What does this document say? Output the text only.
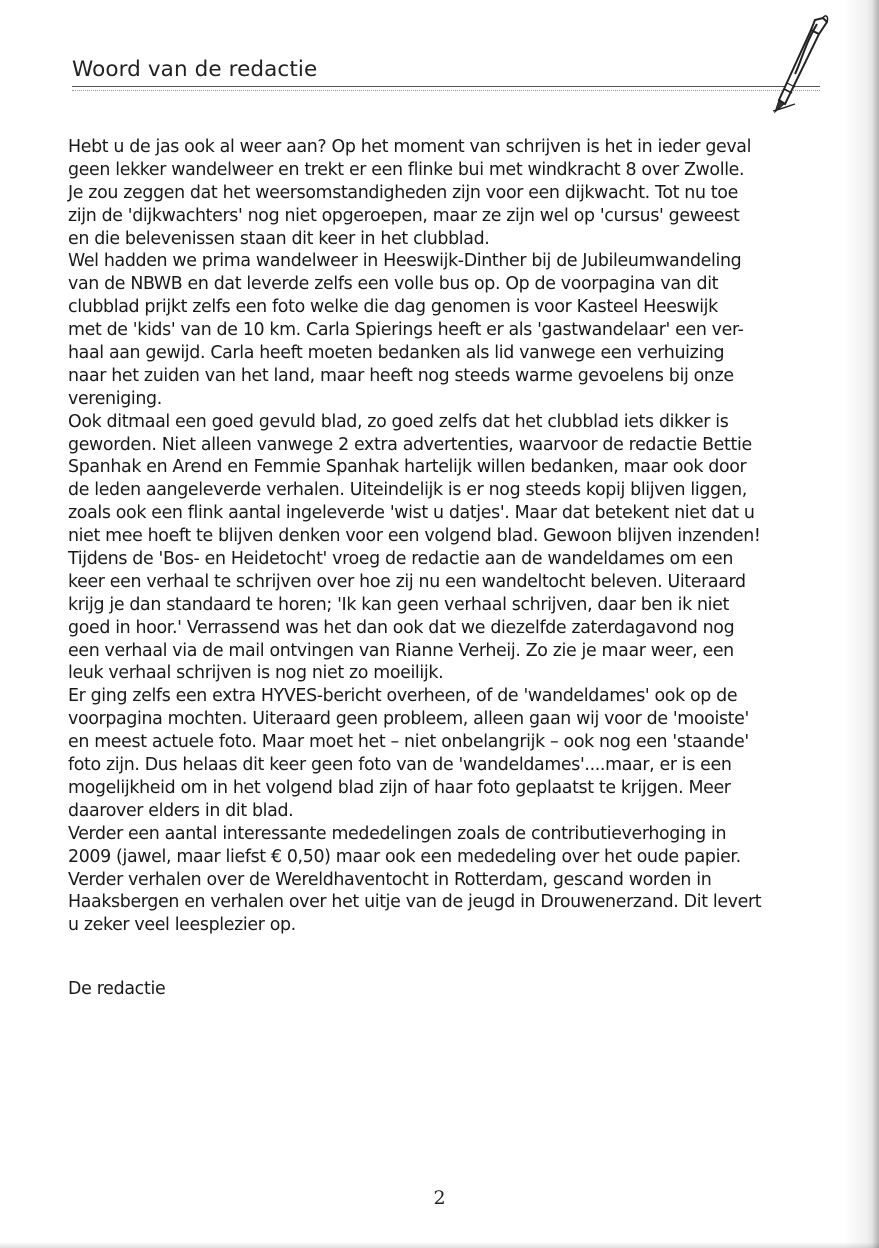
Woord van de redactie
Hebt u de jas ook al weer aan? Op het moment van schrijven is het in ieder geval
geen lekker wandelweer en trekt er een flinke bui met windkracht 8 over Zwolle.
Je zou zeggen dat het weersomstandigheden zijn voor een dijkwacht. Tot nu toe
zijn de 'dijkwachters' nog niet opgeroepen, maar ze zijn wel op 'cursus' geweest
en die belevenissen staan dit keer in het clubblad.
Wel hadden we prima wandelweer in Heeswijk-Dinther bij de Jubileumwandeling
van de NBWB en dat leverde zelfs een volle bus op. Op de voorpagina van dit
clubblad prijkt zelfs een foto welke die dag genomen is voor Kasteel Heeswijk
met de 'kids' van de 10 km. Carla Spierings heeft er als 'gastwandelaar' een ver-
haal aan gewijd. Carla heeft moeten bedanken als lid vanwege een verhuizing
naar het zuiden van het land, maar heeft nog steeds warme gevoelens bij onze
vereniging.
Ook ditmaal een goed gevuld blad, zo goed zelfs dat het clubblad iets dikker is
geworden. Niet alleen vanwege 2 extra advertenties, waarvoor de redactie Bettie
Spanhak en Arend en Femmie Spanhak hartelijk willen bedanken, maar ook door
de leden aangeleverde verhalen. Uiteindelijk is er nog steeds kopij blijven liggen,
zoals ook een flink aantal ingeleverde 'wist u datjes'. Maar dat betekent niet dat u
niet mee hoeft te blijven denken voor een volgend blad. Gewoon blijven inzenden!
Tijdens de 'Bos- en Heidetocht' vroeg de redactie aan de wandeldames om een
keer een verhaal te schrijven over hoe zij nu een wandeltocht beleven. Uiteraard
krijg je dan standaard te horen; 'Ik kan geen verhaal schrijven, daar ben ik niet
goed in hoor.' Verrassend was het dan ook dat we diezelfde zaterdagavond nog
een verhaal via de mail ontvingen van Rianne Verheij. Zo zie je maar weer, een
leuk verhaal schrijven is nog niet zo moeilijk.
Er ging zelfs een extra HYVES-bericht overheen, of de 'wandeldames' ook op de
voorpagina mochten. Uiteraard geen probleem, alleen gaan wij voor de 'mooiste'
en meest actuele foto. Maar moet het – niet onbelangrijk – ook nog een 'staande'
foto zijn. Dus helaas dit keer geen foto van de 'wandeldames'....maar, er is een
mogelijkheid om in het volgend blad zijn of haar foto geplaatst te krijgen. Meer
daarover elders in dit blad.
Verder een aantal interessante mededelingen zoals de contributieverhoging in
2009 (jawel, maar liefst € 0,50) maar ook een mededeling over het oude papier.
Verder verhalen over de Wereldhaventocht in Rotterdam, gescand worden in
Haaksbergen en verhalen over het uitje van de jeugd in Drouwenerzand. Dit levert
u zeker veel leesplezier op.
De redactie
2
